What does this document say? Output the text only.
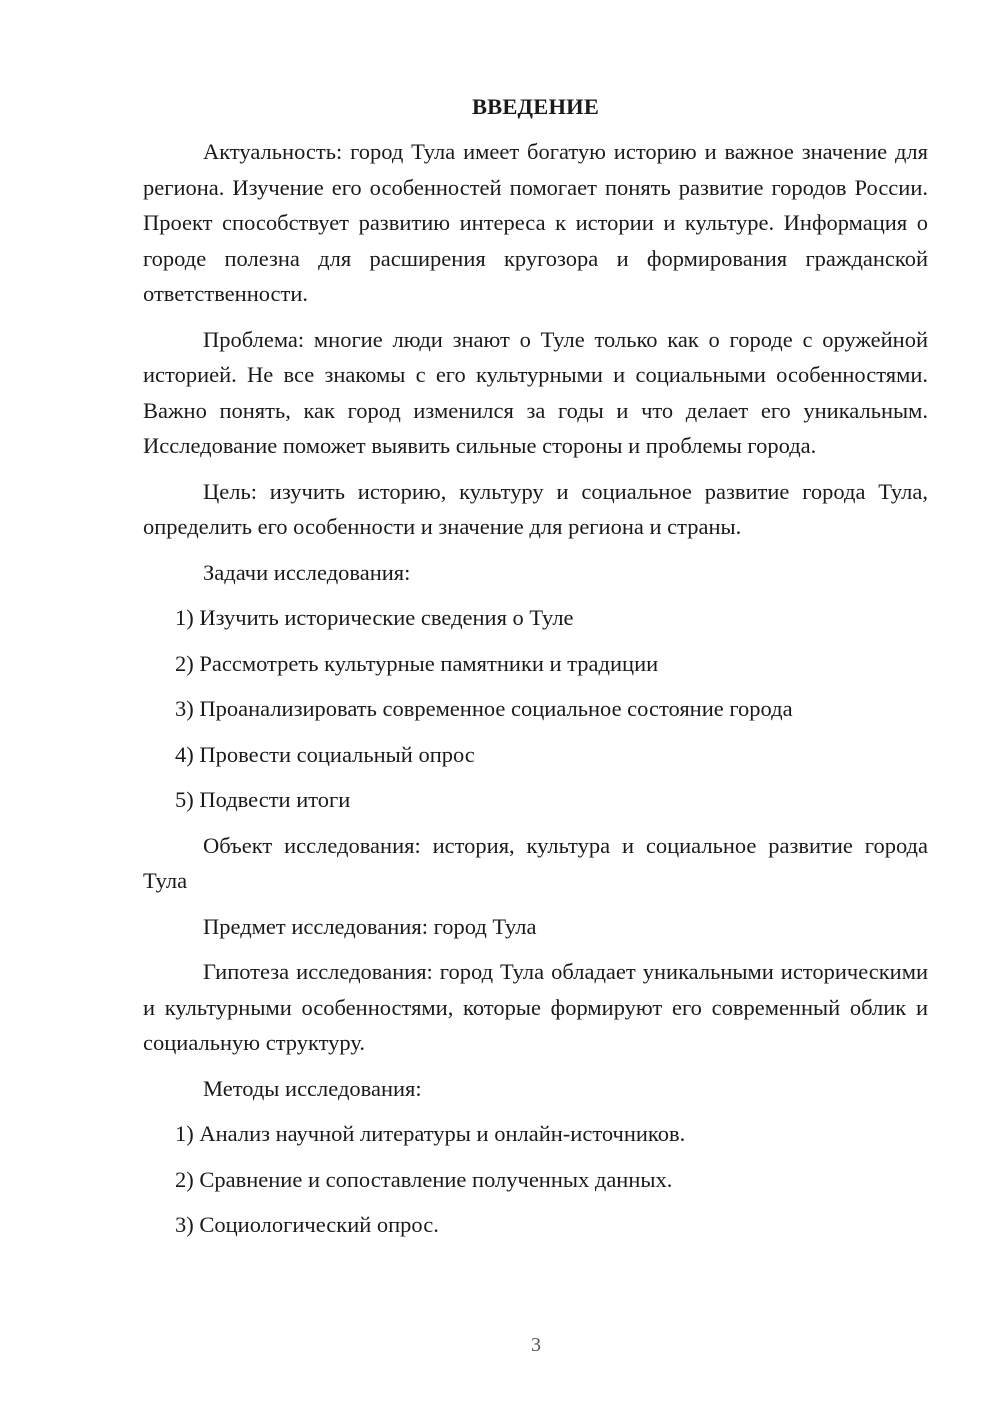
ВВЕДЕНИЕ

Актуальность: город Тула имеет богатую историю и важное значение для региона. Изучение его особенностей помогает понять развитие городов России. Проект способствует развитию интереса к истории и культуре. Информация о городе полезна для расширения кругозора и формирования гражданской ответственности.

Проблема: многие люди знают о Туле только как о городе с оружейной историей. Не все знакомы с его культурными и социальными особенностями. Важно понять, как город изменился за годы и что делает его уникальным. Исследование поможет выявить сильные стороны и проблемы города.

Цель: изучить историю, культуру и социальное развитие города Тула, определить его особенности и значение для региона и страны.

Задачи исследования:

1) Изучить исторические сведения о Туле

2) Рассмотреть культурные памятники и традиции

3) Проанализировать современное социальное состояние города

4) Провести социальный опрос

5) Подвести итоги

Объект исследования: история, культура и социальное развитие города Тула

Предмет исследования: город Тула

Гипотеза исследования: город Тула обладает уникальными историческими и культурными особенностями, которые формируют его современный облик и социальную структуру.

Методы исследования:

1) Анализ научной литературы и онлайн-источников.

2) Сравнение и сопоставление полученных данных.

3) Социологический опрос.

3
